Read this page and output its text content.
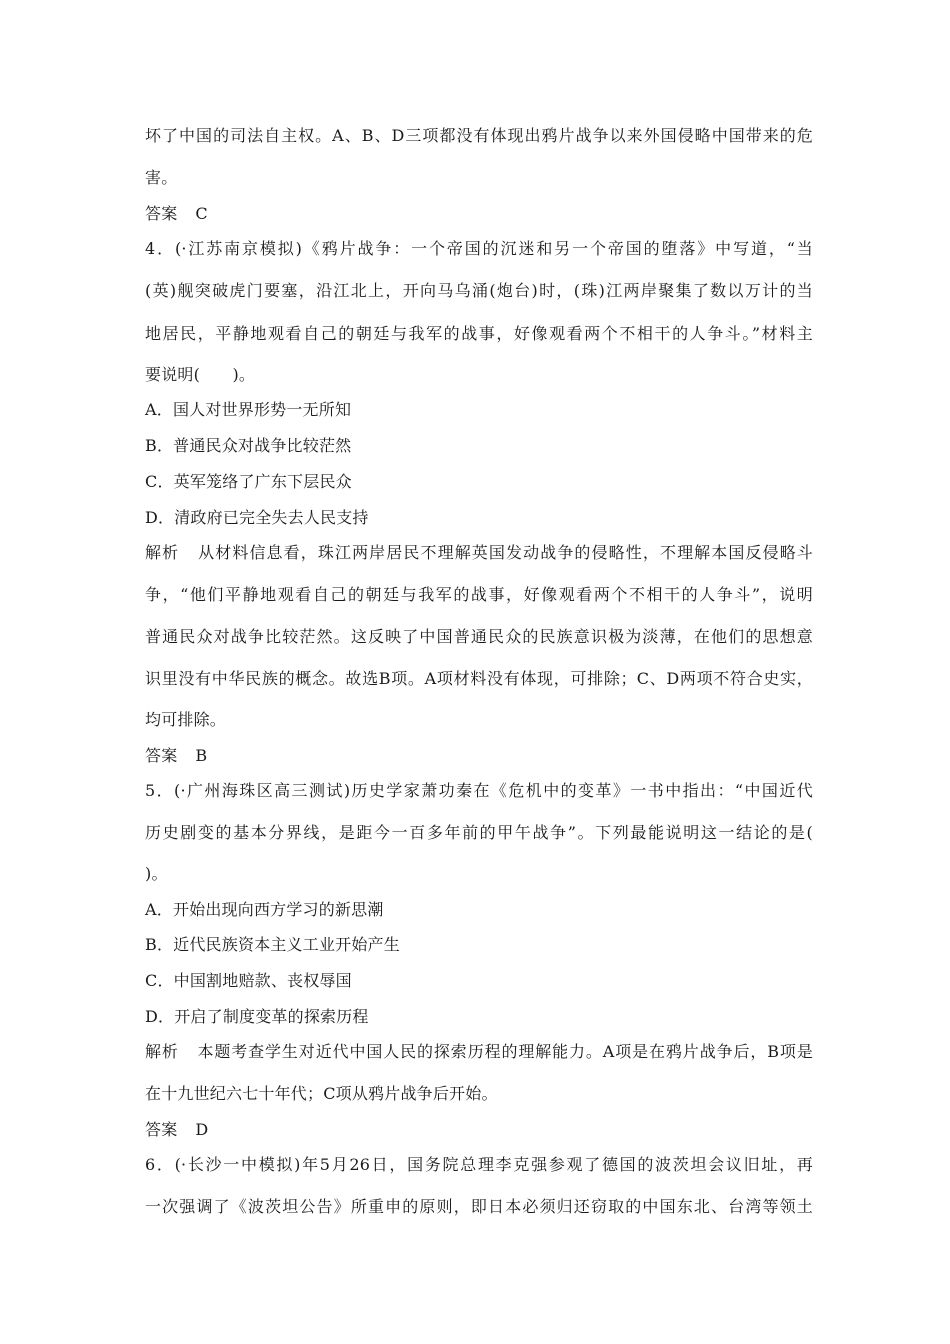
坏了中国的司法自主权。A、B、D三项都没有体现出鸦片战争以来外国侵略中国带来的危

害。

答案 C

4．(·江苏南京模拟)《鸦片战争：一个帝国的沉迷和另一个帝国的堕落》中写道，“当

(英)舰突破虎门要塞，沿江北上，开向马乌涌(炮台)时，(珠)江两岸聚集了数以万计的当

地居民，平静地观看自己的朝廷与我军的战事，好像观看两个不相干的人争斗。”材料主

要说明(　　)。

A．国人对世界形势一无所知

B．普通民众对战争比较茫然

C．英军笼络了广东下层民众

D．清政府已完全失去人民支持

解析 从材料信息看，珠江两岸居民不理解英国发动战争的侵略性，不理解本国反侵略斗

争，“他们平静地观看自己的朝廷与我军的战事，好像观看两个不相干的人争斗”，说明

普通民众对战争比较茫然。这反映了中国普通民众的民族意识极为淡薄，在他们的思想意

识里没有中华民族的概念。故选B项。A项材料没有体现，可排除；C、D两项不符合史实，

均可排除。

答案 B

5．(·广州海珠区高三测试)历史学家萧功秦在《危机中的变革》一书中指出：“中国近代

历史剧变的基本分界线，是距今一百多年前的甲午战争”。下列最能说明这一结论的是(

)。

A．开始出现向西方学习的新思潮

B．近代民族资本主义工业开始产生

C．中国割地赔款、丧权辱国

D．开启了制度变革的探索历程

解析 本题考查学生对近代中国人民的探索历程的理解能力。A项是在鸦片战争后，B项是

在十九世纪六七十年代；C项从鸦片战争后开始。

答案 D

6．(·长沙一中模拟)年5月26日，国务院总理李克强参观了德国的波茨坦会议旧址，再

一次强调了《波茨坦公告》所重申的原则，即日本必须归还窃取的中国东北、台湾等领土
